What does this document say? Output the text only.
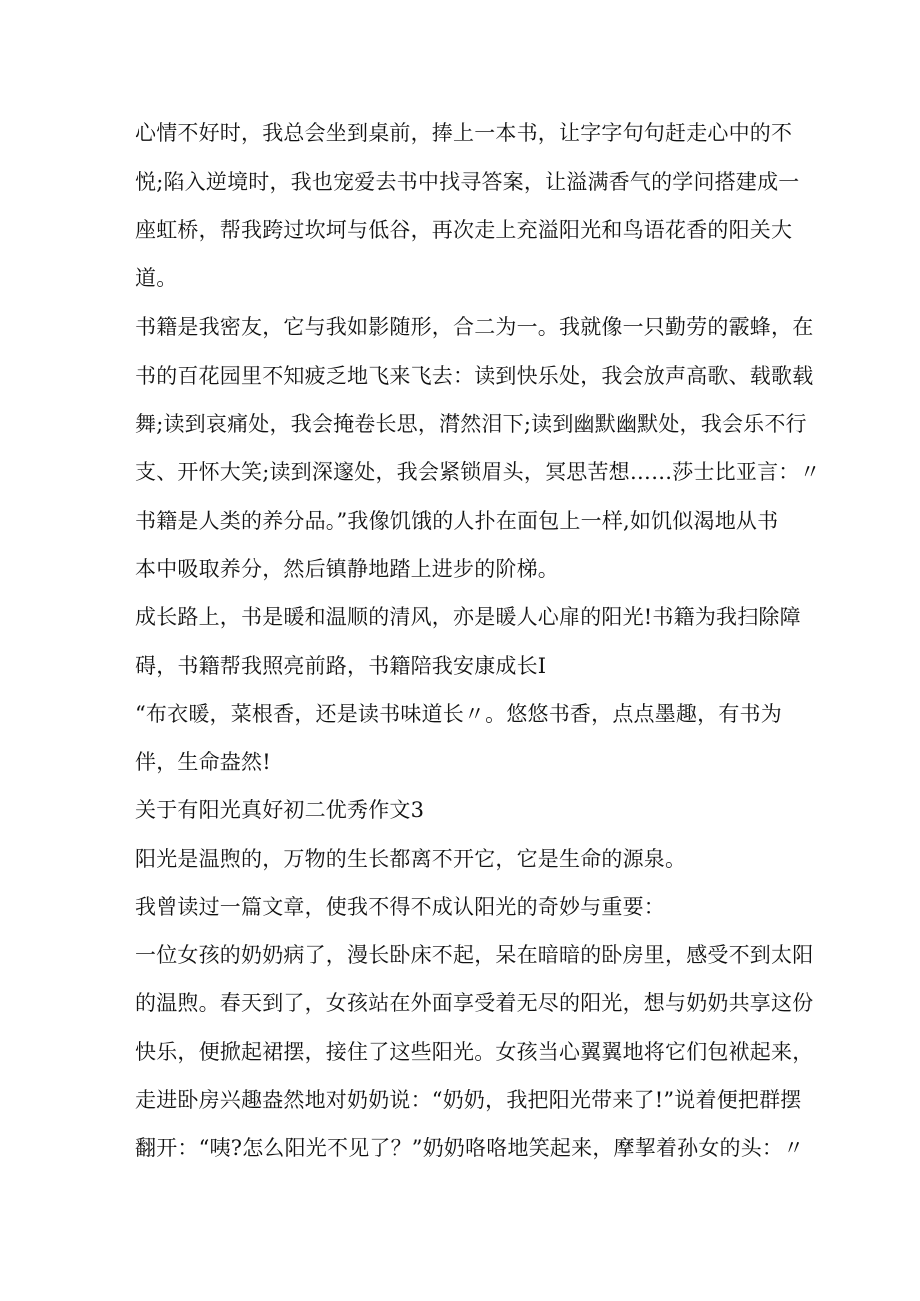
心情不好时，我总会坐到桌前，捧上一本书，让字字句句赶走心中的不
悦;陷入逆境时，我也宠爱去书中找寻答案，让溢满香气的学问搭建成一
座虹桥，帮我跨过坎坷与低谷，再次走上充溢阳光和鸟语花香的阳关大
道。
书籍是我密友，它与我如影随形，合二为一。我就像一只勤劳的霰蜂，在
书的百花园里不知疲乏地飞来飞去：读到快乐处，我会放声高歌、载歌载
舞;读到哀痛处，我会掩卷长思，潸然泪下;读到幽默幽默处，我会乐不行
支、开怀大笑;读到深邃处，我会紧锁眉头，冥思苦想……莎士比亚言：〃
书籍是人类的养分品。”我像饥饿的人扑在面包上一样,如饥似渴地从书
本中吸取养分，然后镇静地踏上进步的阶梯。
成长路上，书是暖和温顺的清风，亦是暖人心扉的阳光!书籍为我扫除障
碍，书籍帮我照亮前路，书籍陪我安康成长I
“布衣暖，菜根香，还是读书味道长〃。悠悠书香，点点墨趣，有书为
伴，生命盎然!
关于有阳光真好初二优秀作文3
阳光是温煦的，万物的生长都离不开它，它是生命的源泉。
我曾读过一篇文章，使我不得不成认阳光的奇妙与重要：
一位女孩的奶奶病了，漫长卧床不起，呆在暗暗的卧房里，感受不到太阳
的温煦。春天到了，女孩站在外面享受着无尽的阳光，想与奶奶共享这份
快乐，便掀起裙摆，接住了这些阳光。女孩当心翼翼地将它们包袱起来，
走进卧房兴趣盎然地对奶奶说：“奶奶，我把阳光带来了!”说着便把群摆
翻开：“咦?怎么阳光不见了？”奶奶咯咯地笑起来，摩挈着孙女的头：〃
